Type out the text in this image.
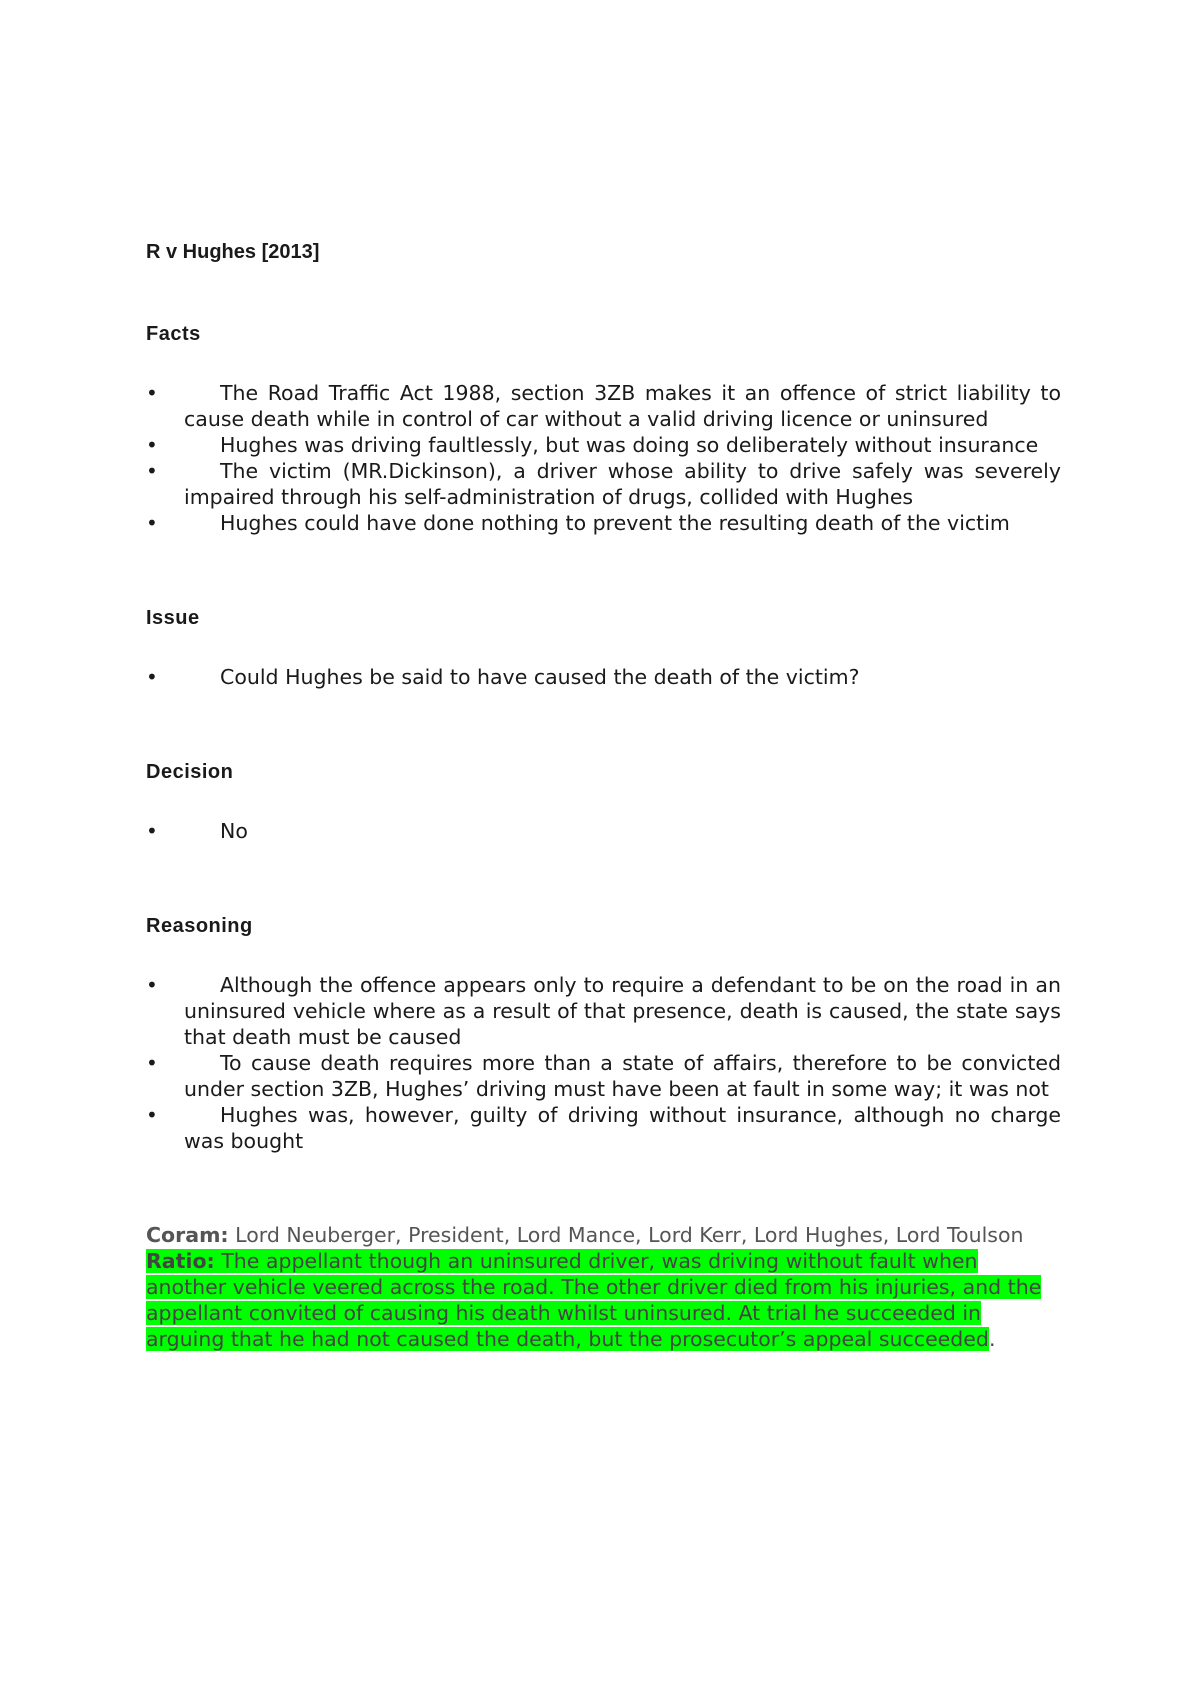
R v Hughes [2013]
Facts
•	The Road Traffic Act 1988, section 3ZB makes it an offence of strict liability to cause death while in control of car without a valid driving licence or uninsured
•	Hughes was driving faultlessly, but was doing so deliberately without insurance
•	The victim (MR.Dickinson), a driver whose ability to drive safely was severely impaired through his self-administration of drugs, collided with Hughes
•	Hughes could have done nothing to prevent the resulting death of the victim
Issue
•	Could Hughes be said to have caused the death of the victim?
Decision
•	No
Reasoning
•	Although the offence appears only to require a defendant to be on the road in an uninsured vehicle where as a result of that presence, death is caused, the state says that death must be caused
•	To cause death requires more than a state of affairs, therefore to be convicted under section 3ZB, Hughes’ driving must have been at fault in some way; it was not
•	Hughes was, however, guilty of driving without insurance, although no charge was bought
Coram: Lord Neuberger, President, Lord Mance, Lord Kerr, Lord Hughes, Lord Toulson
Ratio: The appellant though an uninsured driver, was driving without fault when another vehicle veered across the road. The other driver died from his injuries, and the appellant convited of causing his death whilst uninsured. At trial he succeeded in arguing that he had not caused the death, but the prosecutor’s appeal succeeded.
